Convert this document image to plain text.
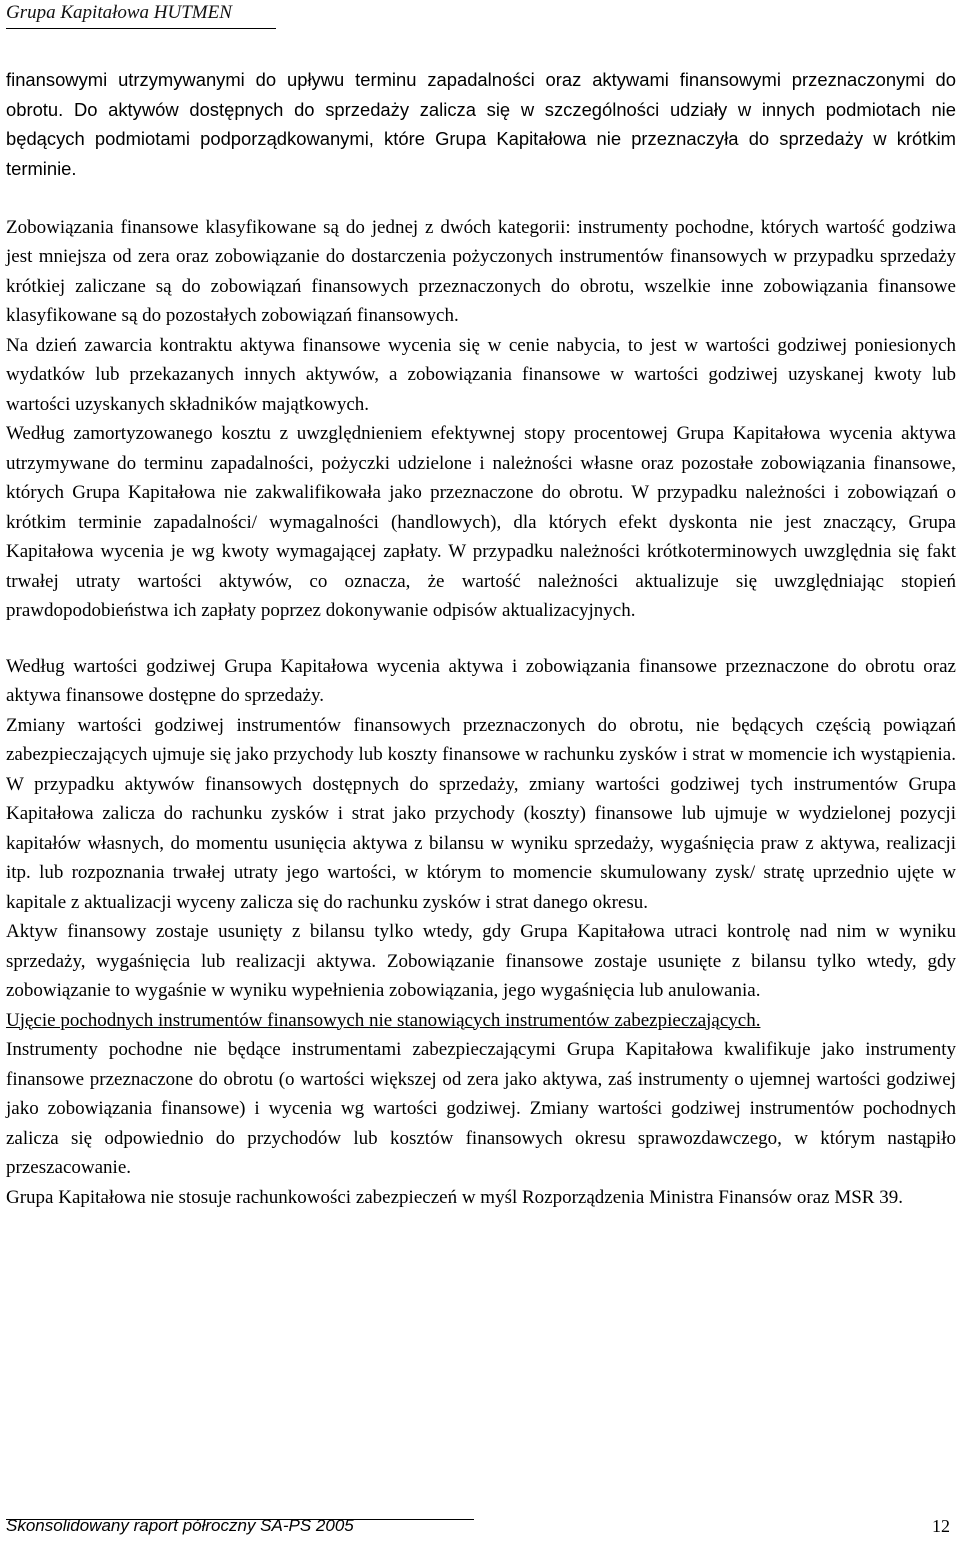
Grupa Kapitałowa HUTMEN

finansowymi utrzymywanymi do upływu terminu zapadalności oraz aktywami finansowymi przeznaczonymi do obrotu. Do aktywów dostępnych do sprzedaży zalicza się w szczególności udziały w innych podmiotach nie będących podmiotami podporządkowanymi, które Grupa Kapitałowa nie przeznaczyła do sprzedaży w krótkim terminie.

Zobowiązania finansowe klasyfikowane są do jednej z dwóch kategorii: instrumenty pochodne, których wartość godziwa jest mniejsza od zera oraz zobowiązanie do dostarczenia pożyczonych instrumentów finansowych w przypadku sprzedaży krótkiej zaliczane są do zobowiązań finansowych przeznaczonych do obrotu, wszelkie inne zobowiązania finansowe klasyfikowane są do pozostałych zobowiązań finansowych.

Na dzień zawarcia kontraktu aktywa finansowe wycenia się w cenie nabycia, to jest w wartości godziwej poniesionych wydatków lub przekazanych innych aktywów, a zobowiązania finansowe w wartości godziwej uzyskanej kwoty lub wartości uzyskanych składników majątkowych.

Według zamortyzowanego kosztu z uwzględnieniem efektywnej stopy procentowej Grupa Kapitałowa wycenia aktywa utrzymywane do terminu zapadalności, pożyczki udzielone i należności własne oraz pozostałe zobowiązania finansowe, których Grupa Kapitałowa nie zakwalifikowała jako przeznaczone do obrotu. W przypadku należności i zobowiązań o krótkim terminie zapadalności/ wymagalności (handlowych), dla których efekt dyskonta nie jest znaczący, Grupa Kapitałowa wycenia je wg kwoty wymagającej zapłaty. W przypadku należności krótkoterminowych uwzględnia się fakt trwałej utraty wartości aktywów, co oznacza, że wartość należności aktualizuje się uwzględniając stopień prawdopodobieństwa ich zapłaty poprzez dokonywanie odpisów aktualizacyjnych.

Według wartości godziwej Grupa Kapitałowa wycenia aktywa i zobowiązania finansowe przeznaczone do obrotu oraz aktywa finansowe dostępne do sprzedaży.

Zmiany wartości godziwej instrumentów finansowych przeznaczonych do obrotu, nie będących częścią powiązań zabezpieczających ujmuje się jako przychody lub koszty finansowe w rachunku zysków i strat w momencie ich wystąpienia. W przypadku aktywów finansowych dostępnych do sprzedaży, zmiany wartości godziwej tych instrumentów Grupa Kapitałowa zalicza do rachunku zysków i strat jako przychody (koszty) finansowe lub ujmuje w wydzielonej pozycji kapitałów własnych, do momentu usunięcia aktywa z bilansu w wyniku sprzedaży, wygaśnięcia praw z aktywa, realizacji itp. lub rozpoznania trwałej utraty jego wartości, w którym to momencie skumulowany zysk/ stratę uprzednio ujęte w kapitale z aktualizacji wyceny zalicza się do rachunku zysków i strat danego okresu.

Aktyw finansowy zostaje usunięty z bilansu tylko wtedy, gdy Grupa Kapitałowa utraci kontrolę nad nim w wyniku sprzedaży, wygaśnięcia lub realizacji aktywa. Zobowiązanie finansowe zostaje usunięte z bilansu tylko wtedy, gdy zobowiązanie to wygaśnie w wyniku wypełnienia zobowiązania, jego wygaśnięcia lub anulowania.

Ujęcie pochodnych instrumentów finansowych nie stanowiących instrumentów zabezpieczających.

Instrumenty pochodne nie będące instrumentami zabezpieczającymi Grupa Kapitałowa kwalifikuje jako instrumenty finansowe przeznaczone do obrotu (o wartości większej od zera jako aktywa, zaś instrumenty o ujemnej wartości godziwej jako zobowiązania finansowe) i wycenia wg wartości godziwej. Zmiany wartości godziwej instrumentów pochodnych zalicza się odpowiednio do przychodów lub kosztów finansowych okresu sprawozdawczego, w którym nastąpiło przeszacowanie.

Grupa Kapitałowa nie stosuje rachunkowości zabezpieczeń w myśl Rozporządzenia Ministra Finansów oraz MSR 39.

Skonsolidowany raport półroczny SA-PS 2005	12
